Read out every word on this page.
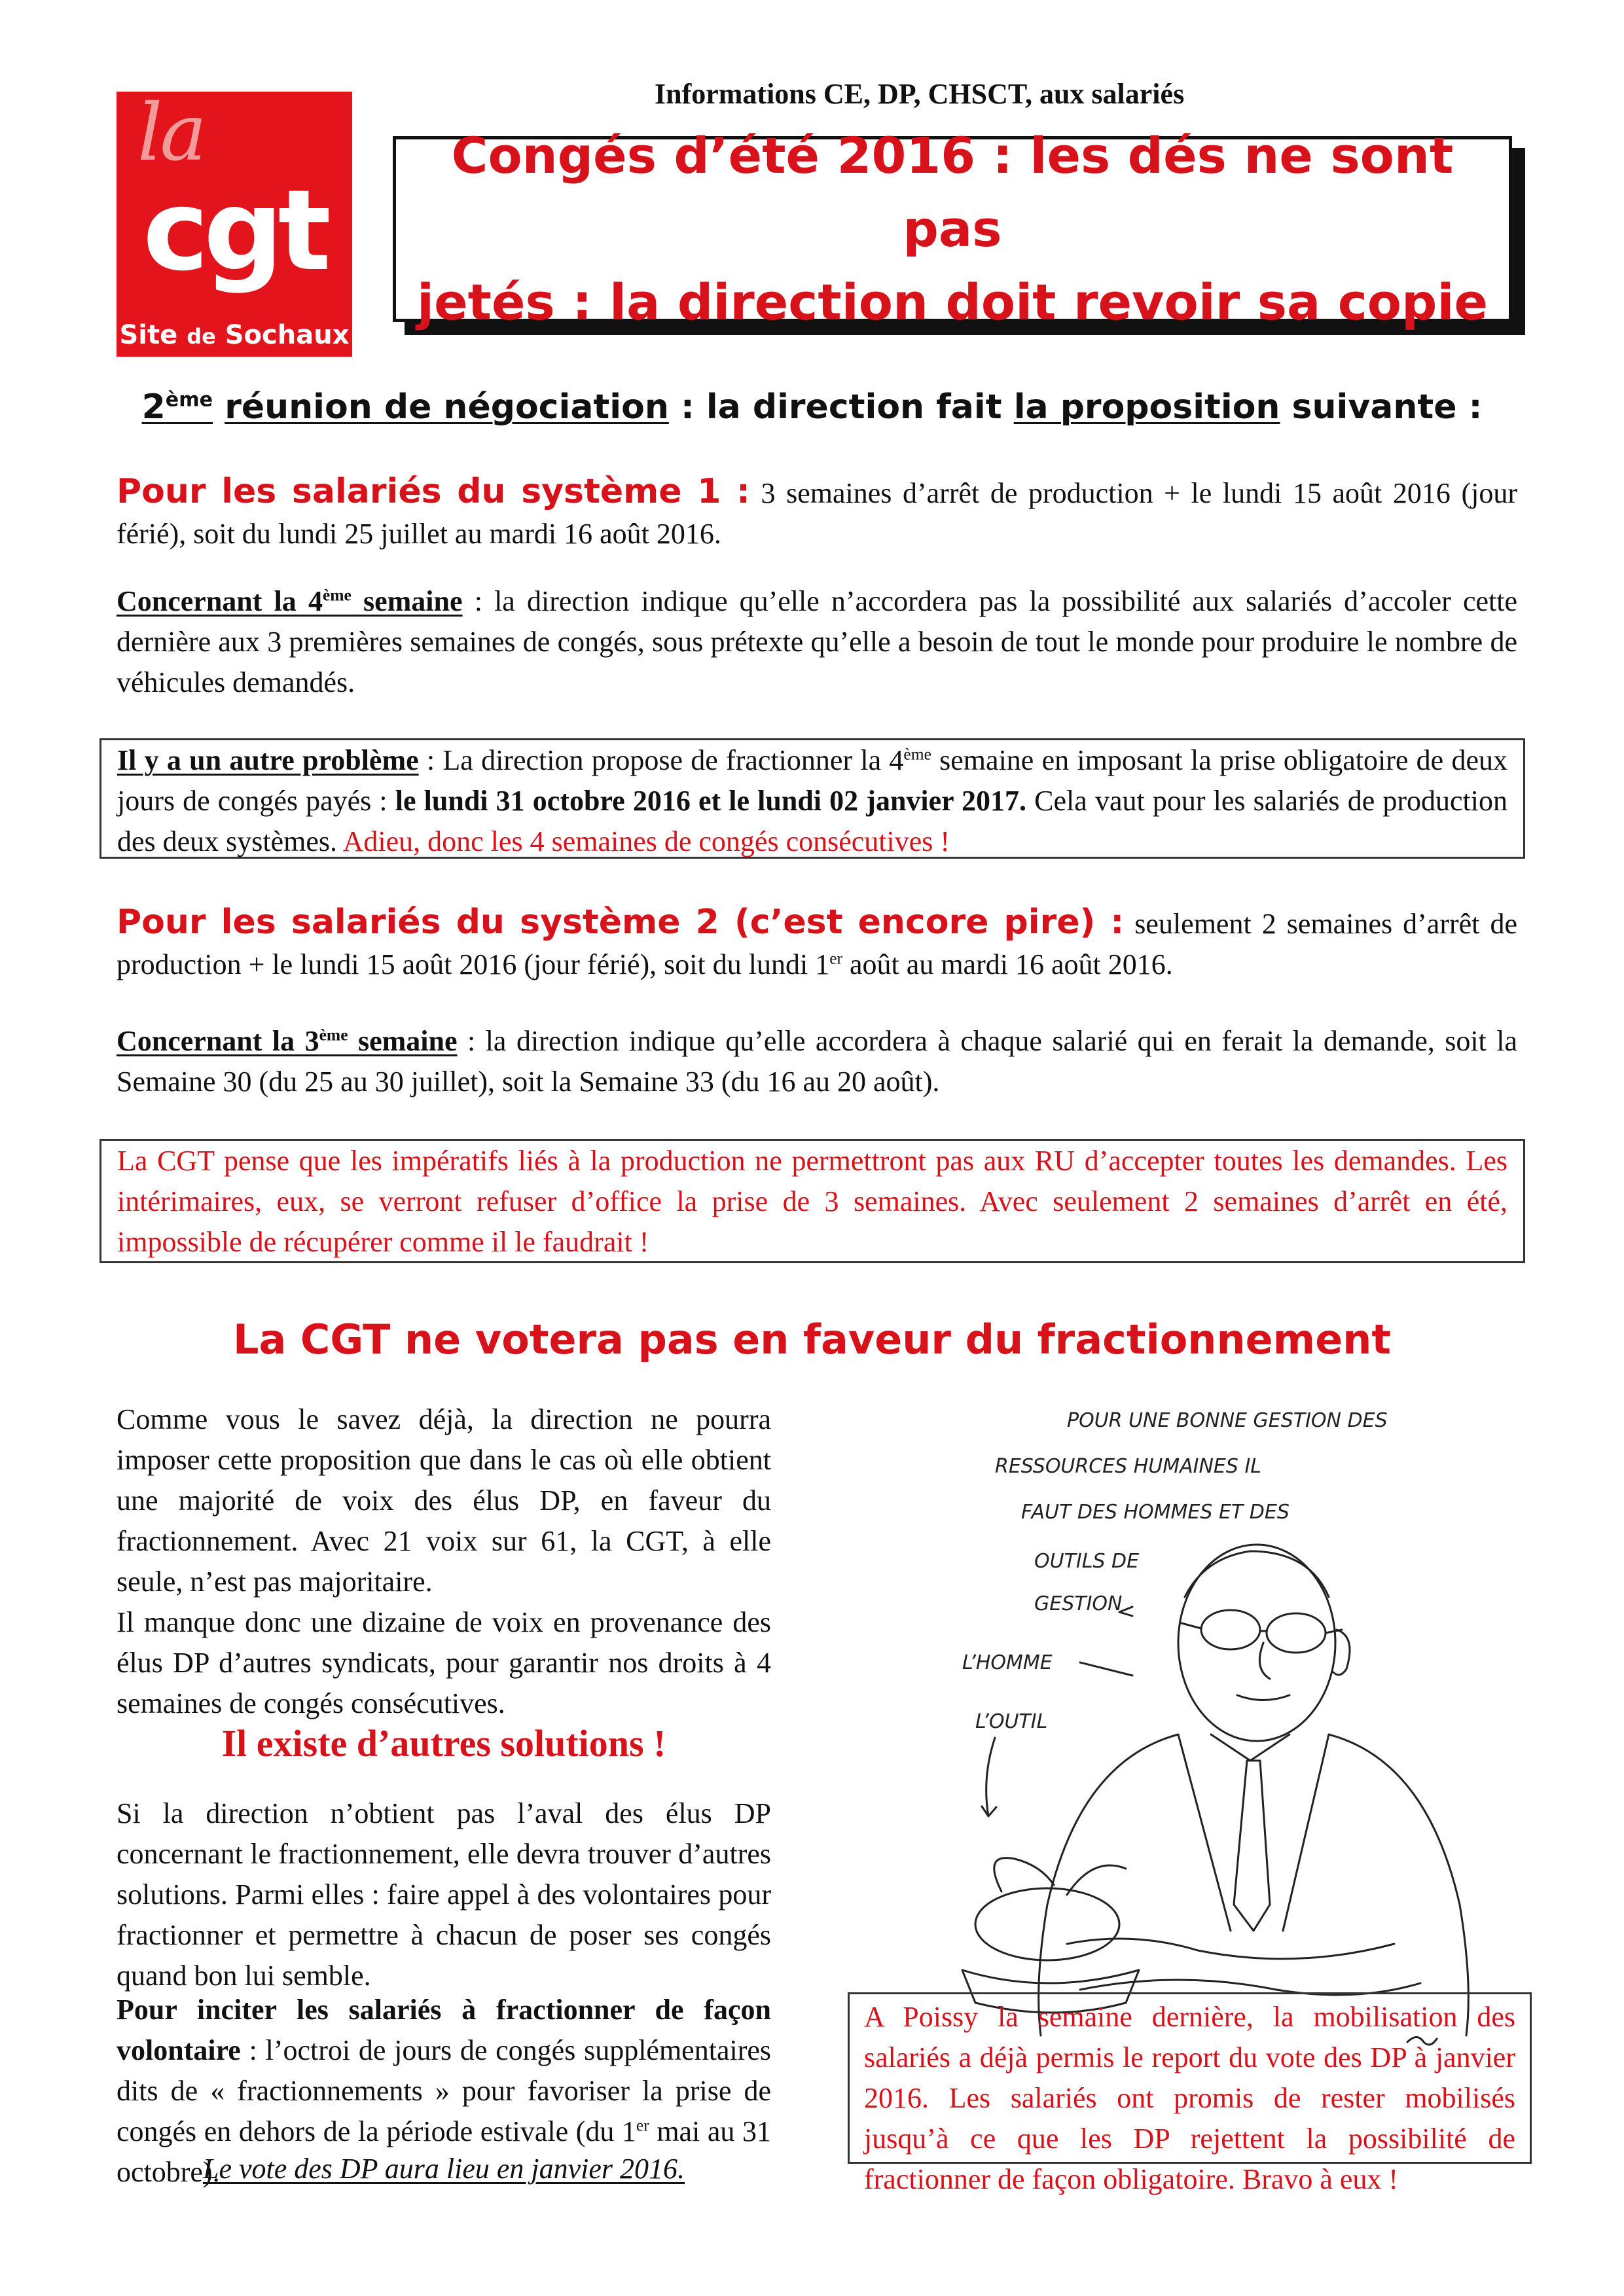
la
cgt
Site de Sochaux
Informations CE, DP, CHSCT, aux salariés
Congés d’été 2016 : les dés ne sont pas
jetés : la direction doit revoir sa copie
2ème réunion de négociation : la direction fait la proposition suivante :
Pour les salariés du système 1 : 3 semaines d’arrêt de production + le lundi 15 août 2016 (jour férié), soit du lundi 25 juillet au mardi 16 août 2016.
Concernant la 4ème semaine : la direction indique qu’elle n’accordera pas la possibilité aux salariés d’accoler cette dernière aux 3 premières semaines de congés, sous prétexte qu’elle a besoin de tout le monde pour produire le nombre de véhicules demandés.
Il y a un autre problème : La direction propose de fractionner la 4ème semaine en imposant la prise obligatoire de deux jours de congés payés : le lundi 31 octobre 2016 et le lundi 02 janvier 2017. Cela vaut pour les salariés de production des deux systèmes. Adieu, donc les 4 semaines de congés consécutives !
Pour les salariés du système 2 (c’est encore pire) : seulement 2 semaines d’arrêt de production + le lundi 15 août 2016 (jour férié), soit du lundi 1er août au mardi 16 août 2016.
Concernant la 3ème semaine : la direction indique qu’elle accordera à chaque salarié qui en ferait la demande, soit la Semaine 30 (du 25 au 30 juillet), soit la Semaine 33 (du 16 au 20 août).
La CGT pense que les impératifs liés à la production ne permettront pas aux RU d’accepter toutes les demandes. Les intérimaires, eux, se verront refuser d’office la prise de 3 semaines. Avec seulement 2 semaines d’arrêt en été, impossible de récupérer comme il le faudrait !
La CGT ne votera pas en faveur du fractionnement
Comme vous le savez déjà, la direction ne pourra imposer cette proposition que dans le cas où elle obtient une majorité de voix des élus DP, en faveur du fractionnement. Avec 21 voix sur 61, la CGT, à elle seule, n’est pas majoritaire.
Il manque donc une dizaine de voix en provenance des élus DP d’autres syndicats, pour garantir nos droits à 4 semaines de congés consécutives.
Il existe d’autres solutions !
Si la direction n’obtient pas l’aval des élus DP concernant le fractionnement, elle devra trouver d’autres solutions. Parmi elles : faire appel à des volontaires pour fractionner et permettre à chacun de poser ses congés quand bon lui semble.
Pour inciter les salariés à fractionner de façon volontaire : l’octroi de jours de congés supplémentaires dits de « fractionnements » pour favoriser la prise de congés en dehors de la période estivale (du 1er mai au 31 octobre).
Le vote des DP aura lieu en janvier 2016.
POUR UNE BONNE GESTION DES
RESSOURCES HUMAINES IL
FAUT DES HOMMES ET DES
OUTILS DE
GESTION
L’HOMME
L’OUTIL
A Poissy la semaine dernière, la mobilisation des salariés a déjà permis le report du vote des DP à janvier 2016. Les salariés ont promis de rester mobilisés jusqu’à ce que les DP rejettent la possibilité de fractionner de façon obligatoire. Bravo à eux !
